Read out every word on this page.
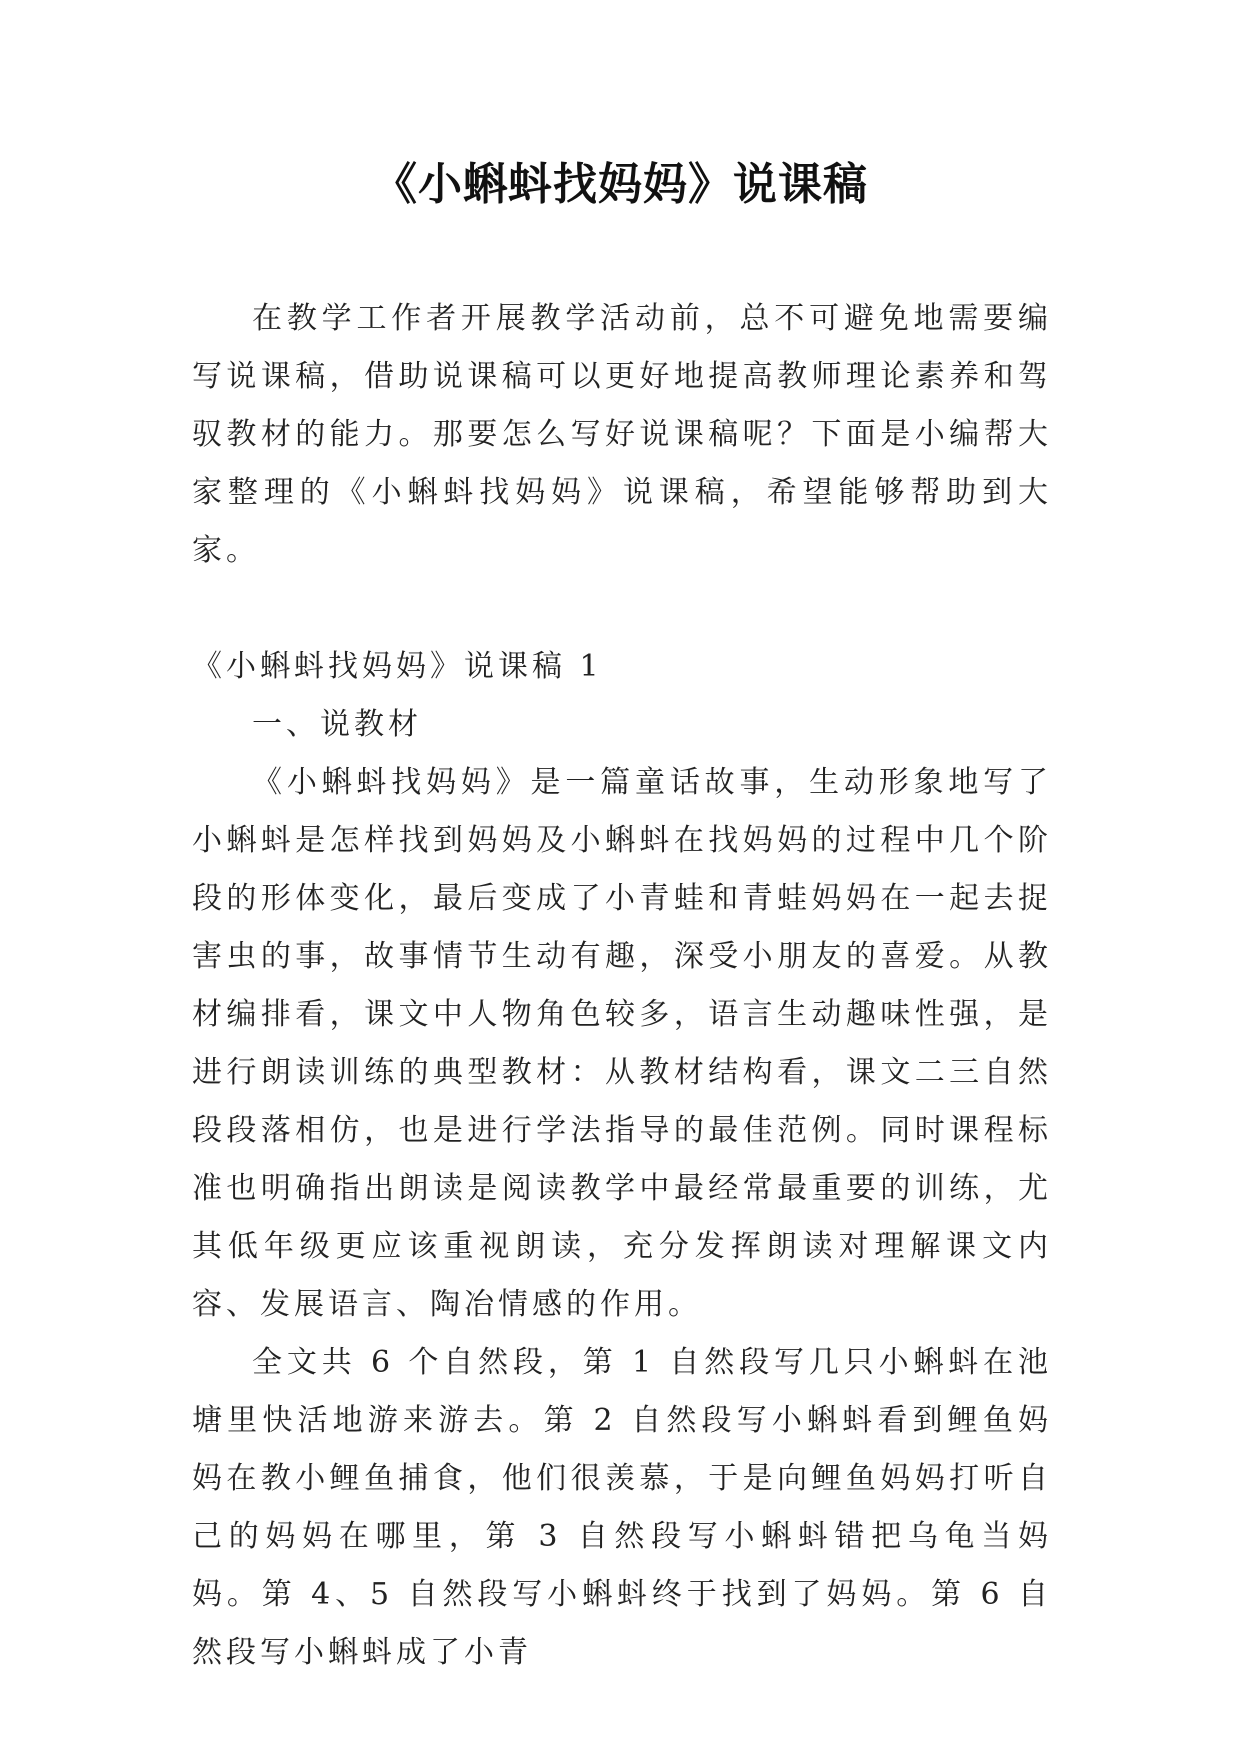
《小蝌蚪找妈妈》说课稿

在教学工作者开展教学活动前，总不可避免地需要编写说课稿，借助说课稿可以更好地提高教师理论素养和驾驭教材的能力。那要怎么写好说课稿呢？下面是小编帮大家整理的《小蝌蚪找妈妈》说课稿，希望能够帮助到大家。

《小蝌蚪找妈妈》说课稿 1

一、说教材

《小蝌蚪找妈妈》是一篇童话故事，生动形象地写了小蝌蚪是怎样找到妈妈及小蝌蚪在找妈妈的过程中几个阶段的形体变化，最后变成了小青蛙和青蛙妈妈在一起去捉害虫的事，故事情节生动有趣，深受小朋友的喜爱。从教材编排看，课文中人物角色较多，语言生动趣味性强，是进行朗读训练的典型教材：从教材结构看，课文二三自然段段落相仿，也是进行学法指导的最佳范例。同时课程标准也明确指出朗读是阅读教学中最经常最重要的训练，尤其低年级更应该重视朗读，充分发挥朗读对理解课文内容、发展语言、陶冶情感的作用。

全文共 6 个自然段，第 1 自然段写几只小蝌蚪在池塘里快活地游来游去。第 2 自然段写小蝌蚪看到鲤鱼妈妈在教小鲤鱼捕食，他们很羡慕，于是向鲤鱼妈妈打听自己的妈妈在哪里，第 3 自然段写小蝌蚪错把乌龟当妈妈。第 4、5 自然段写小蝌蚪终于找到了妈妈。第 6 自然段写小蝌蚪成了小青
